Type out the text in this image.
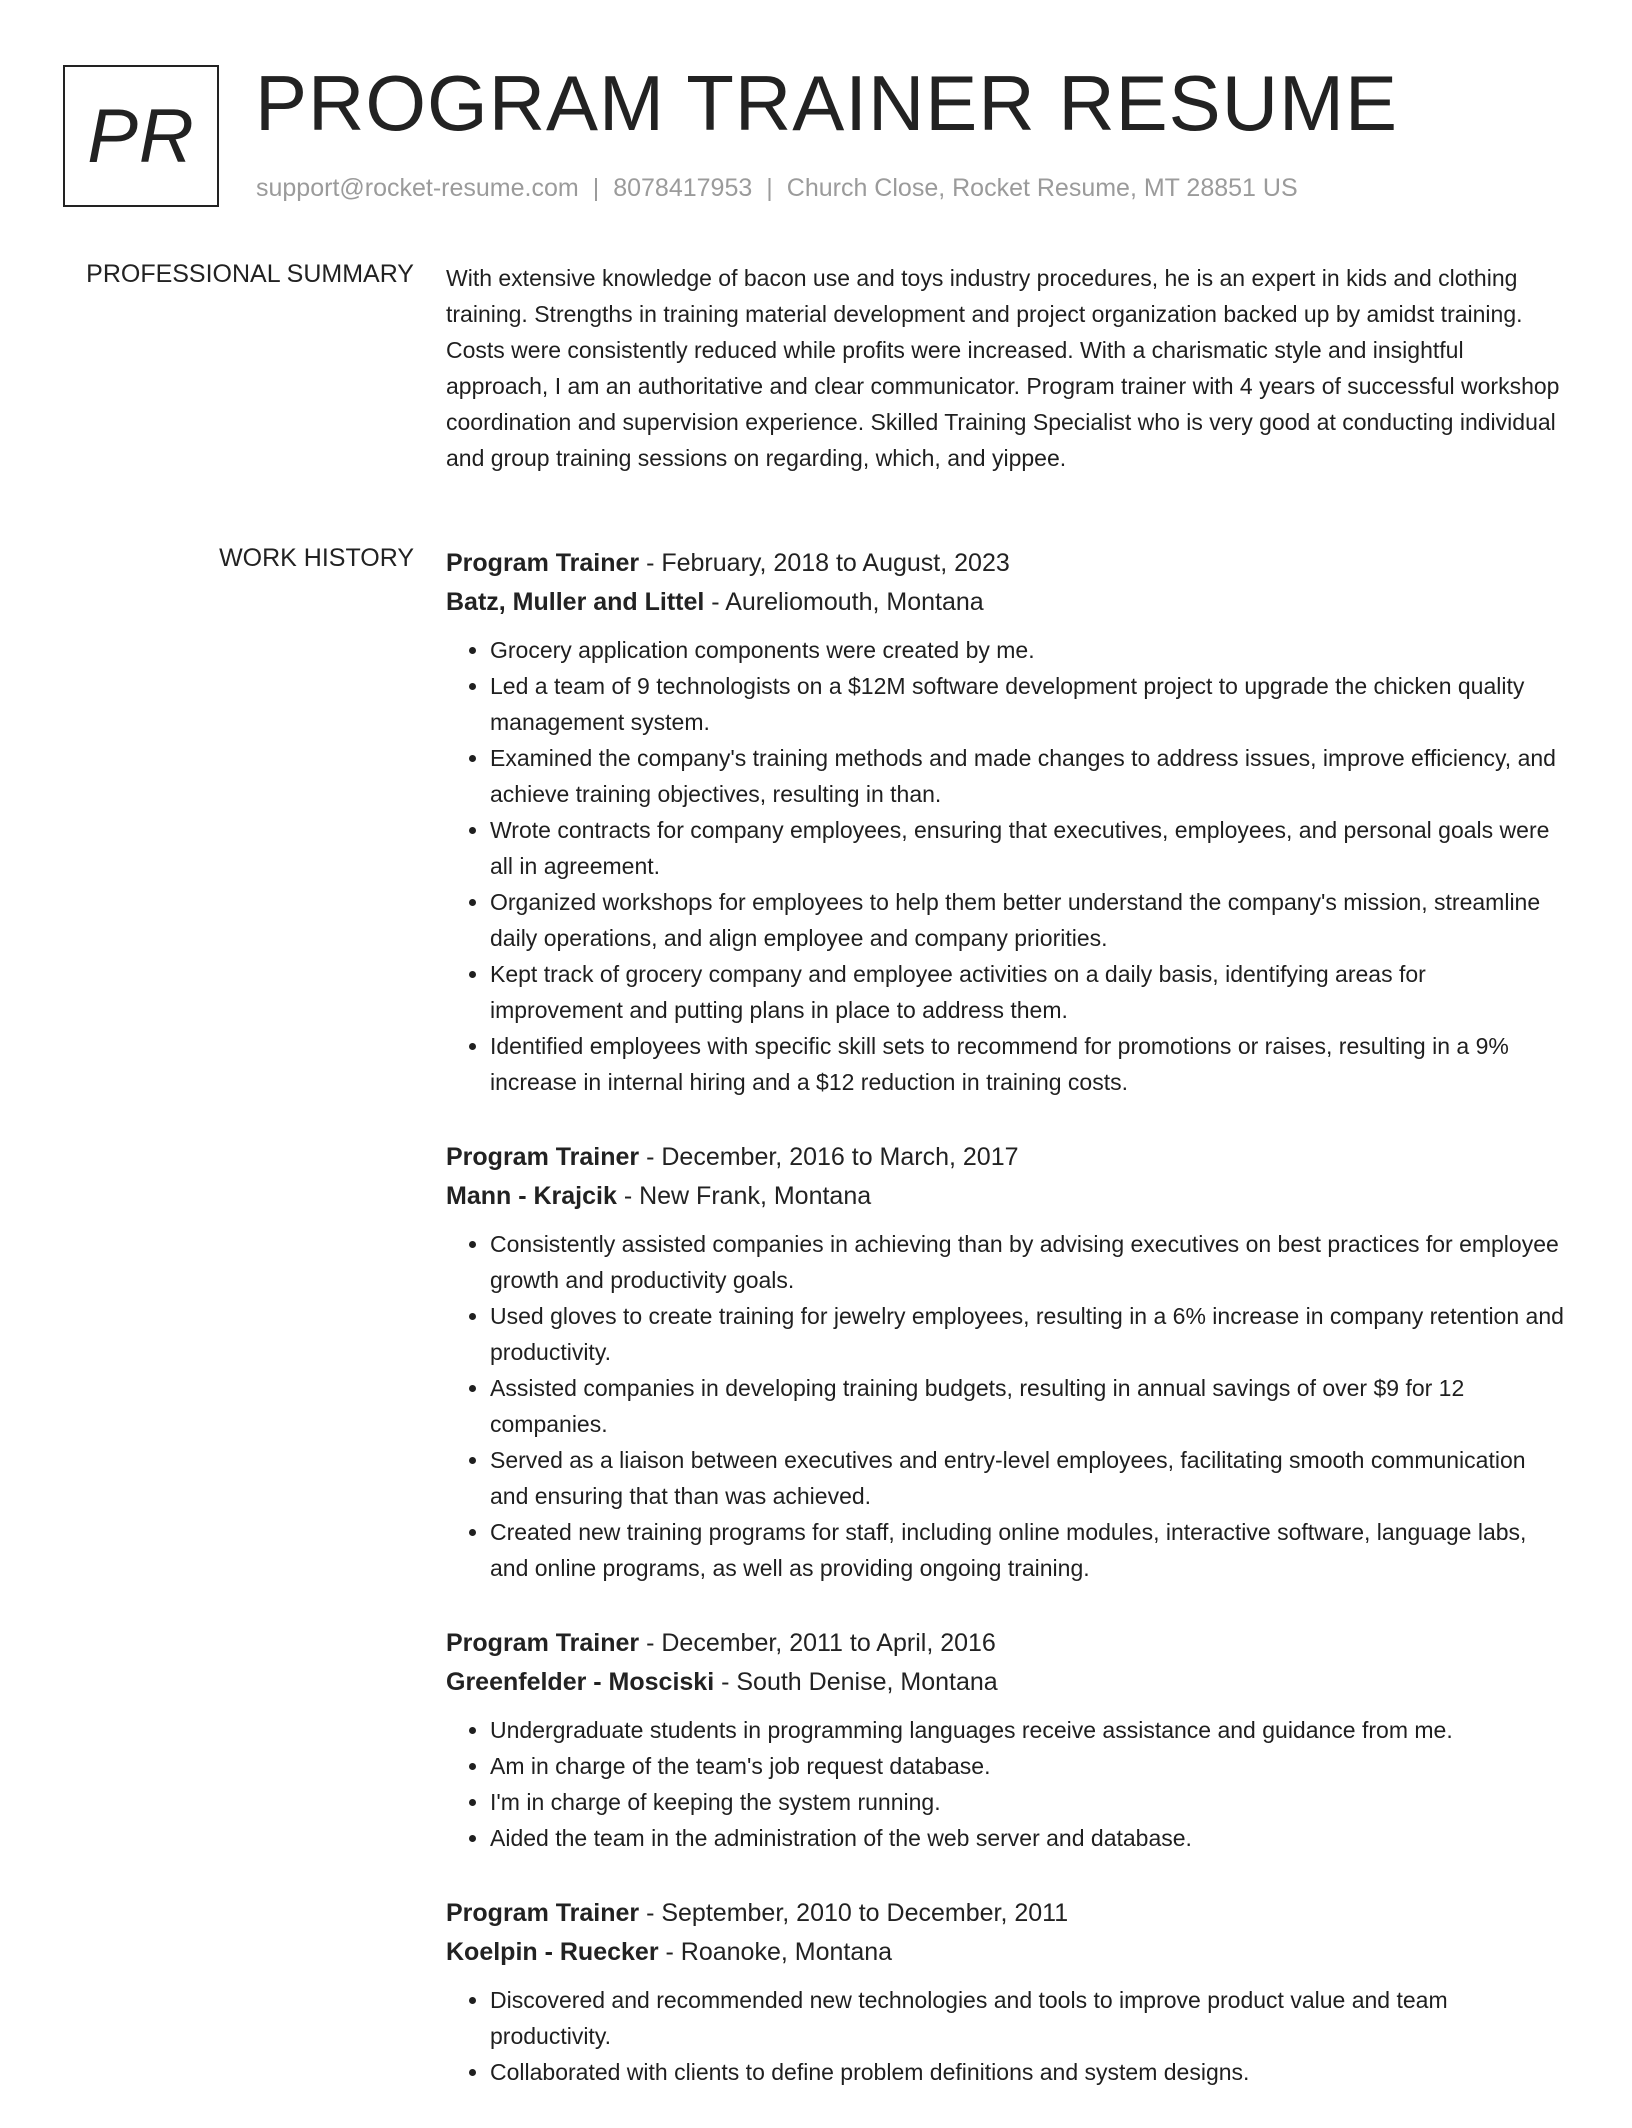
PR PROGRAM TRAINER RESUME
support@rocket-resume.com | 8078417953 | Church Close, Rocket Resume, MT 28851 US
PROFESSIONAL SUMMARY With extensive knowledge of bacon use and toys industry procedures, he is an expert in kids and clothing training. Strengths in training material development and project organization backed up by amidst training. Costs were consistently reduced while profits were increased. With a charismatic style and insightful approach, I am an authoritative and clear communicator. Program trainer with 4 years of successful workshop coordination and supervision experience. Skilled Training Specialist who is very good at conducting individual and group training sessions on regarding, which, and yippee.
WORK HISTORY Program Trainer - February, 2018 to August, 2023
Batz, Muller and Littel - Aureliomouth, Montana
• Grocery application components were created by me.
• Led a team of 9 technologists on a $12M software development project to upgrade the chicken quality management system.
• Examined the company's training methods and made changes to address issues, improve efficiency, and achieve training objectives, resulting in than.
• Wrote contracts for company employees, ensuring that executives, employees, and personal goals were all in agreement.
• Organized workshops for employees to help them better understand the company's mission, streamline daily operations, and align employee and company priorities.
• Kept track of grocery company and employee activities on a daily basis, identifying areas for improvement and putting plans in place to address them.
• Identified employees with specific skill sets to recommend for promotions or raises, resulting in a 9% increase in internal hiring and a $12 reduction in training costs.
Program Trainer - December, 2016 to March, 2017
Mann - Krajcik - New Frank, Montana
• Consistently assisted companies in achieving than by advising executives on best practices for employee growth and productivity goals.
• Used gloves to create training for jewelry employees, resulting in a 6% increase in company retention and productivity.
• Assisted companies in developing training budgets, resulting in annual savings of over $9 for 12 companies.
• Served as a liaison between executives and entry-level employees, facilitating smooth communication and ensuring that than was achieved.
• Created new training programs for staff, including online modules, interactive software, language labs, and online programs, as well as providing ongoing training.
Program Trainer - December, 2011 to April, 2016
Greenfelder - Mosciski - South Denise, Montana
• Undergraduate students in programming languages receive assistance and guidance from me.
• Am in charge of the team's job request database.
• I'm in charge of keeping the system running.
• Aided the team in the administration of the web server and database.
Program Trainer - September, 2010 to December, 2011
Koelpin - Ruecker - Roanoke, Montana
• Discovered and recommended new technologies and tools to improve product value and team productivity.
• Collaborated with clients to define problem definitions and system designs.
